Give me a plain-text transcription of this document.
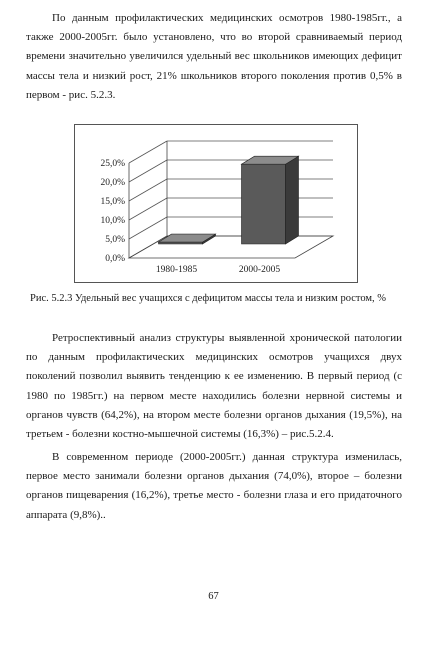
По данным профилактических медицинских осмотров 1980-1985гг., а также 2000-2005гг. было установлено, что во второй сравниваемый период времени значительно увеличился удельный вес школьников имеющих дефицит массы тела и низкий рост, 21% школьников второго поколения против 0,5% в первом - рис. 5.2.3.

0,0%
5,0%
10,0%
15,0%
20,0%
25,0%
1980-1985	2000-2005

Рис. 5.2.3 Удельный вес учащихся с дефицитом массы тела и низким ростом, %

Ретроспективный анализ структуры выявленной хронической патологии по данным профилактических медицинских осмотров учащихся двух поколений позволил выявить тенденцию к ее изменению. В первый период (с 1980 по 1985гг.) на первом месте находились болезни нервной системы и органов чувств (64,2%), на втором месте болезни органов дыхания (19,5%), на третьем - болезни костно-мышечной системы (16,3%) – рис.5.2.4.

В современном периоде (2000-2005гг.) данная структура изменилась, первое место занимали болезни органов дыхания (74,0%), второе – болезни органов пищеварения (16,2%), третье место - болезни глаза и его придаточного аппарата (9,8%)..

67
